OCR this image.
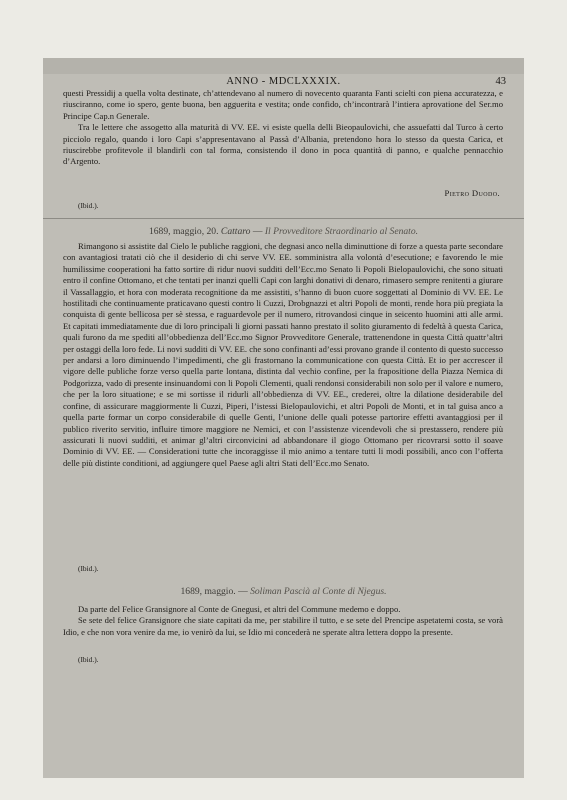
ANNO - MDCLXXXIX.	43

questi Pressidij a quella volta destinate, ch’attendevano al numero di novecento quaranta Fanti scielti con piena accuratezza, e riusciranno, come io spero, gente buona, ben agguerita e vestita; onde confido, ch’incontrarà l’intiera aprovatione del Ser.mo Principe Cap.n Generale.

Tra le lettere che assogetto alla maturità di VV. EE. vi esiste quella delli Bieopaulovichi, che assuefatti dal Turco à certo picciolo regalo, quando i loro Capi s’appresentavano al Passà d’Albania, pretendono hora lo stesso da questa Carica, et riuscirebbe profitevole il blandirli con tal forma, consistendo il dono in poca quantità di panno, e qualche pennacchio d’Argento.

Pietro Duodo.
(Ibid.).
1689, maggio, 20. Cattaro — Il Provveditore Straordinario al Senato.

Rimangono si assistite dal Cielo le publiche raggioni, che degnasi anco nella diminuttione di forze a questa parte secondare con avantagiosi tratati ciò che il desiderio di chi serve VV. EE. somministra alla volontà d’esecutione; e favorendo le mie humilissime cooperationi ha fatto sortire di ridur nuovi sudditi dell’Ecc.mo Senato li Popoli Bielopaulovichi, che sono situati entro il confine Ottomano, et che tentati per inanzi quelli Capi con larghi donativi di denaro, rimasero sempre renitenti a giurare il Vassallaggio, et hora con moderata recognitione da me assistiti, s’hanno di buon cuore soggettati al Dominio di VV. EE. Le hostilitadi che continuamente praticavano questi contro li Cuzzi, Drobgnazzi et altri Popoli de monti, rende hora più pregiata la conquista di gente bellicosa per sè stessa, e raguardevole per il numero, ritrovandosi cinque in seicento huomini atti alle armi. Et capitati immediatamente due di loro principali li giorni passati hanno prestato il solito giuramento di fedeltà à questa Carica, quali furono da me spediti all’obbedienza dell’Ecc.mo Signor Provveditore Generale, trattenendone in questa Città quattr’altri per ostaggi della loro fede. Li novi sudditi di VV. EE. che sono confinanti ad’essi provano grande il contento di questo successo per andarsi a loro diminuendo l’impedimenti, che gli frastornano la communicatione con questa Città. Et io per accrescer il vigore delle publiche forze verso quella parte lontana, distinta dal vechio confine, per la frapositione della Piazza Nemica di Podgorizza, vado di presente insinuandomi con li Popoli Clementi, quali rendonsi considerabili non solo per il valore e numero, che per la loro situatione; e se mi sortisse il ridurli all’obbedienza di VV. EE., crederei, oltre la dilatione desiderabile del confine, di assicurare maggiormente li Cuzzi, Piperi, l’istessi Bielopaulovichi, et altri Popoli de Monti, et in tal guisa anco a quella parte formar un corpo considerabile di quelle Genti, l’unione delle quali potesse partorire effetti avantaggiosi per il publico riverito servitio, influire timore maggiore ne Nemici, et con l’assistenze vicendevoli che si prestassero, rendere più assicurati li nuovi sudditi, et animar gl’altri circonvicini ad abbandonare il giogo Ottomano per ricovrarsi sotto il soave Dominio di VV. EE. — Considerationi tutte che incoraggisse il mio animo a tentare tutti li modi possibili, anco con l’offerta delle più distinte conditioni, ad aggiungere quel Paese agli altri Stati dell’Ecc.mo Senato.

(Ibid.).
1689, maggio. — Soliman Pascià al Conte di Njegus.

Da parte del Felice Gransignore al Conte de Gnegusi, et altri del Commune medemo e doppo.

Se sete del felice Gransignore che siate capitati da me, per stabilire il tutto, e se sete del Prencipe aspetatemi costa, se vorà Idio, e che non vora venire da me, io venirò da lui, se Idio mi concederà ne sperate altra lettera doppo la presente.

(Ibid.).
